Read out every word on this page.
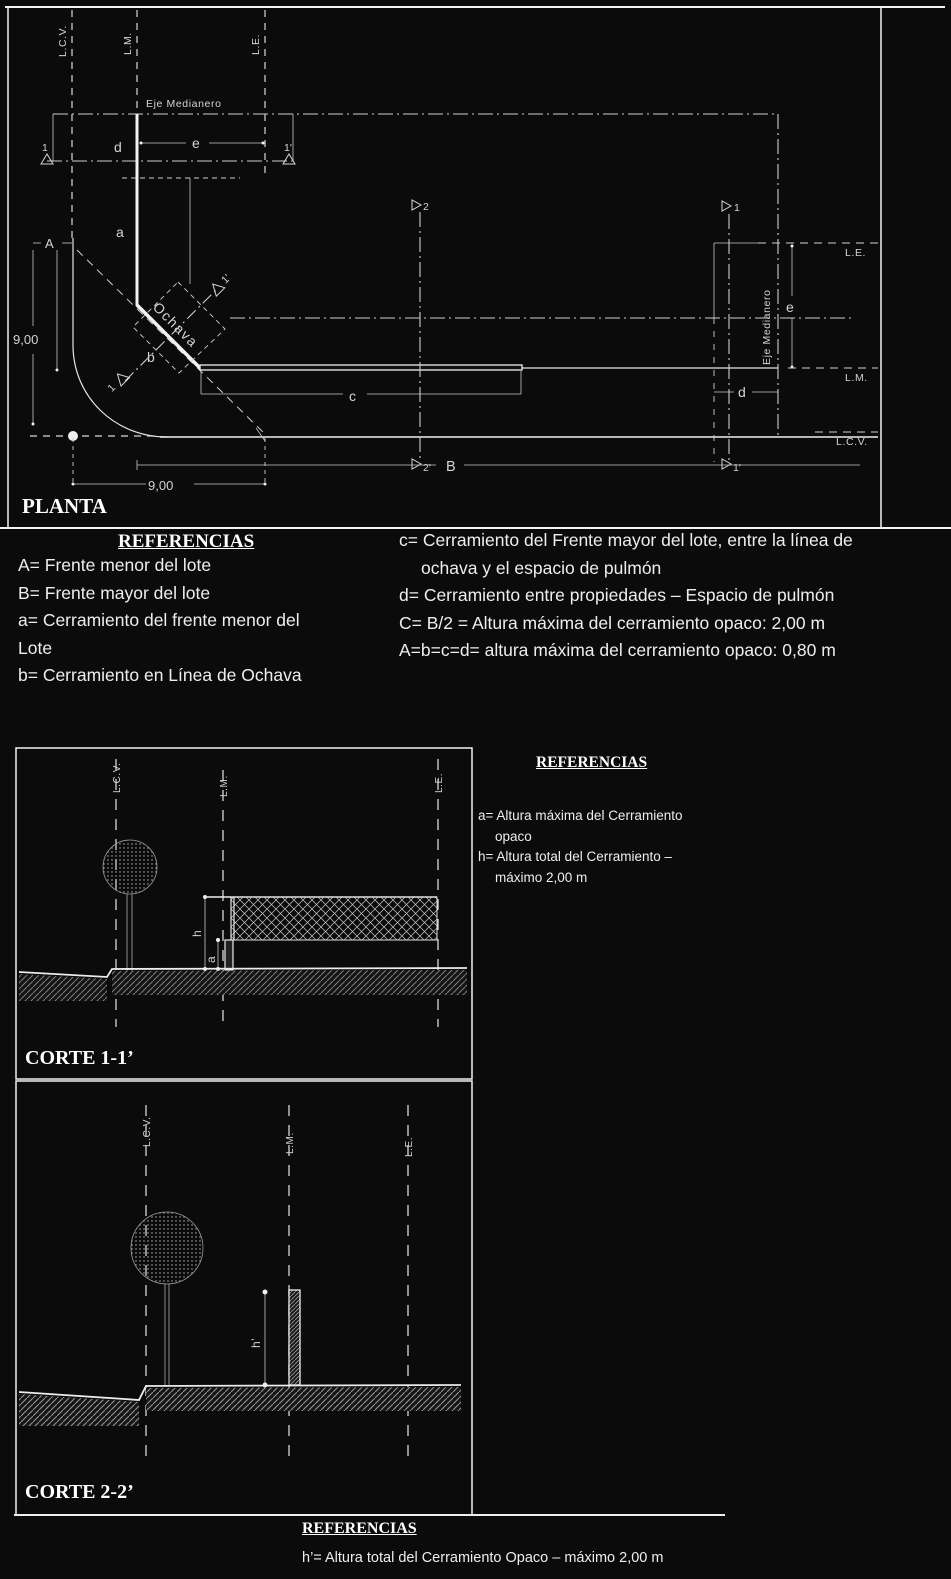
L.C.V.	L.M.	L.E.
Eje Medianero
Eje Medianero
1	1'
e
d
a
1
1'
Ochava
b
c
2
2'
1
1'
L.E.
e
L.M.
d
L.C.V.
B
9,00
A
9,00
PLANTA
REFERENCIAS
A= Frente menor del lote
B= Frente mayor del lote
a= Cerramiento del frente menor del
Lote
b= Cerramiento en Línea de Ochava
c= Cerramiento del Frente mayor del lote, entre la línea de
ochava y el espacio de pulmón
d= Cerramiento entre propiedades – Espacio de pulmón
C= B/2 = Altura máxima del cerramiento opaco: 2,00 m
A=b=c=d= altura máxima del cerramiento opaco: 0,80 m
L.C.V.	L.M.	L.E.
h
a
CORTE 1-1’
REFERENCIAS
a= Altura máxima del Cerramiento
opaco
h= Altura total del Cerramiento –
máximo 2,00 m
L.C.V.	L.M.	L.E.
h’
CORTE 2-2’
REFERENCIAS
h’= Altura total del Cerramiento Opaco – máximo 2,00 m
